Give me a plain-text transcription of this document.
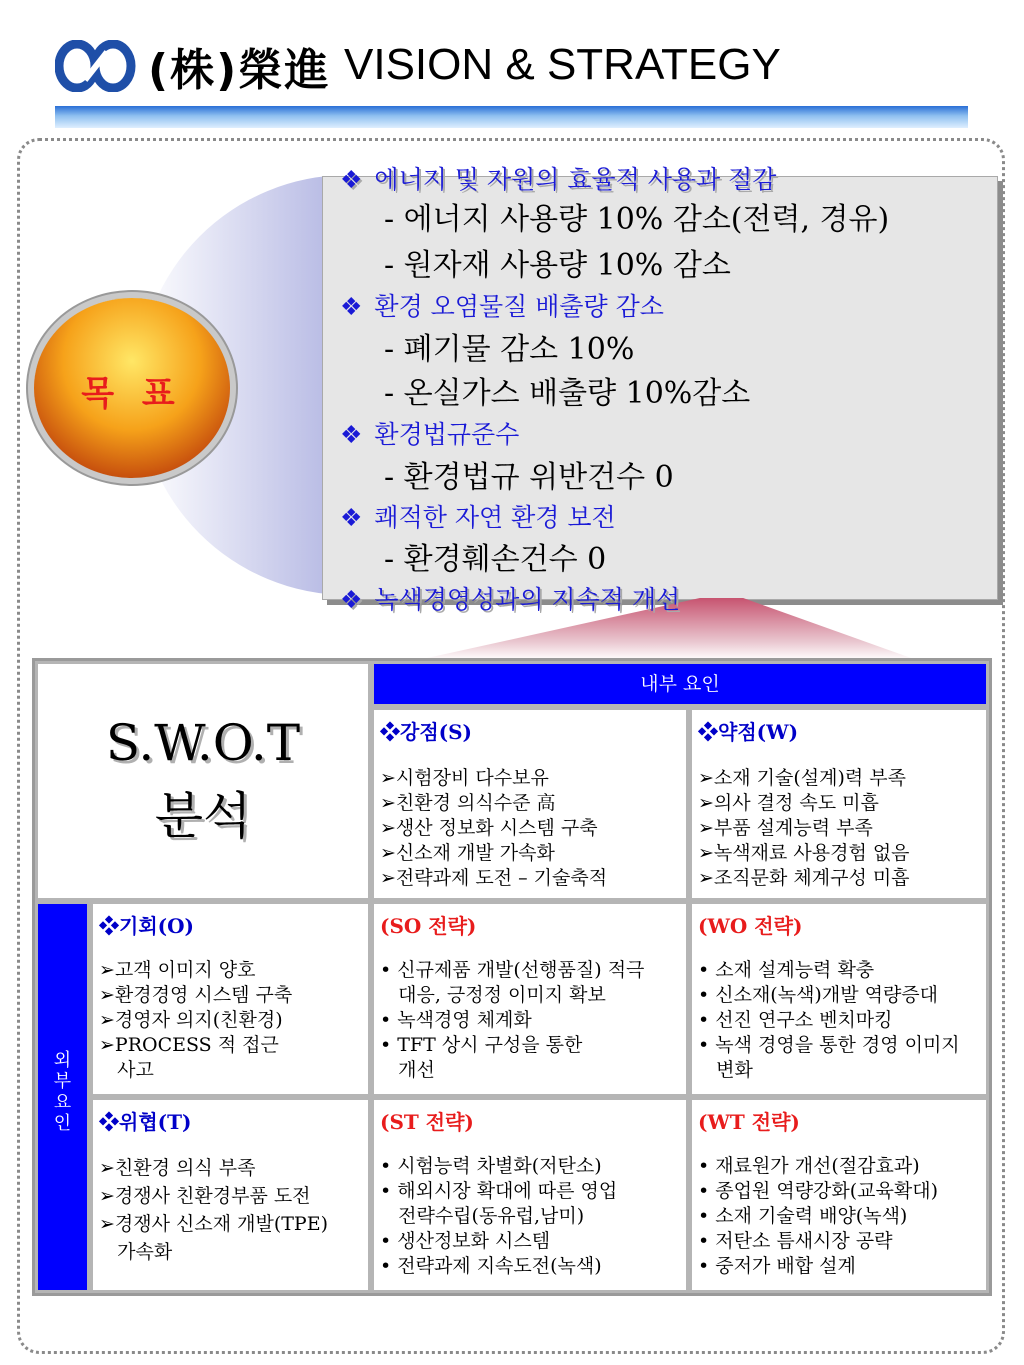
(株)榮進 VISION & STRATEGY
목 표
❖ 에너지 및 자원의 효율적 사용과 절감
- 에너지 사용량 10% 감소(전력, 경유)
- 원자재 사용량 10% 감소
❖ 환경 오염물질 배출량 감소
- 폐기물 감소 10%
- 온실가스 배출량 10%감소
❖ 환경법규준수
- 환경법규 위반건수 0
❖ 쾌적한 자연 환경 보전
- 환경훼손건수 0
❖ 녹색경영성과의 지속적 개선
S.W.O.T
분석
내부 요인
❖강점(S)
➢시험장비 다수보유
➢친환경 의식수준 高
➢생산 정보화 시스템 구축
➢신소재 개발 가속화
➢전략과제 도전 – 기술축적
❖약점(W)
➢소재 기술(설계)력 부족
➢의사 결정 속도 미흡
➢부품 설계능력 부족
➢녹색재료 사용경험 없음
➢조직문화 체계구성 미흡
외
부
요
인
❖기회(O)
➢고객 이미지 양호
➢환경경영 시스템 구축
➢경영자 의지(친환경)
➢PROCESS 적 접근
사고
(SO 전략)
• 신규제품 개발(선행품질) 적극
대응, 긍정정 이미지 확보
• 녹색경영 체계화
• TFT 상시 구성을 통한
개선
(WO 전략)
• 소재 설계능력 확충
• 신소재(녹색)개발 역량증대
• 선진 연구소 벤치마킹
• 녹색 경영을 통한 경영 이미지
변화
❖위협(T)
➢친환경 의식 부족
➢경쟁사 친환경부품 도전
➢경쟁사 신소재 개발(TPE)
가속화
(ST 전략)
• 시험능력 차별화(저탄소)
• 해외시장 확대에 따른 영업
전략수립(동유럽,남미)
• 생산정보화 시스템
• 전략과제 지속도전(녹색)
(WT 전략)
• 재료원가 개선(절감효과)
• 종업원 역량강화(교육확대)
• 소재 기술력 배양(녹색)
• 저탄소 틈새시장 공략
• 중저가 배합 설계
